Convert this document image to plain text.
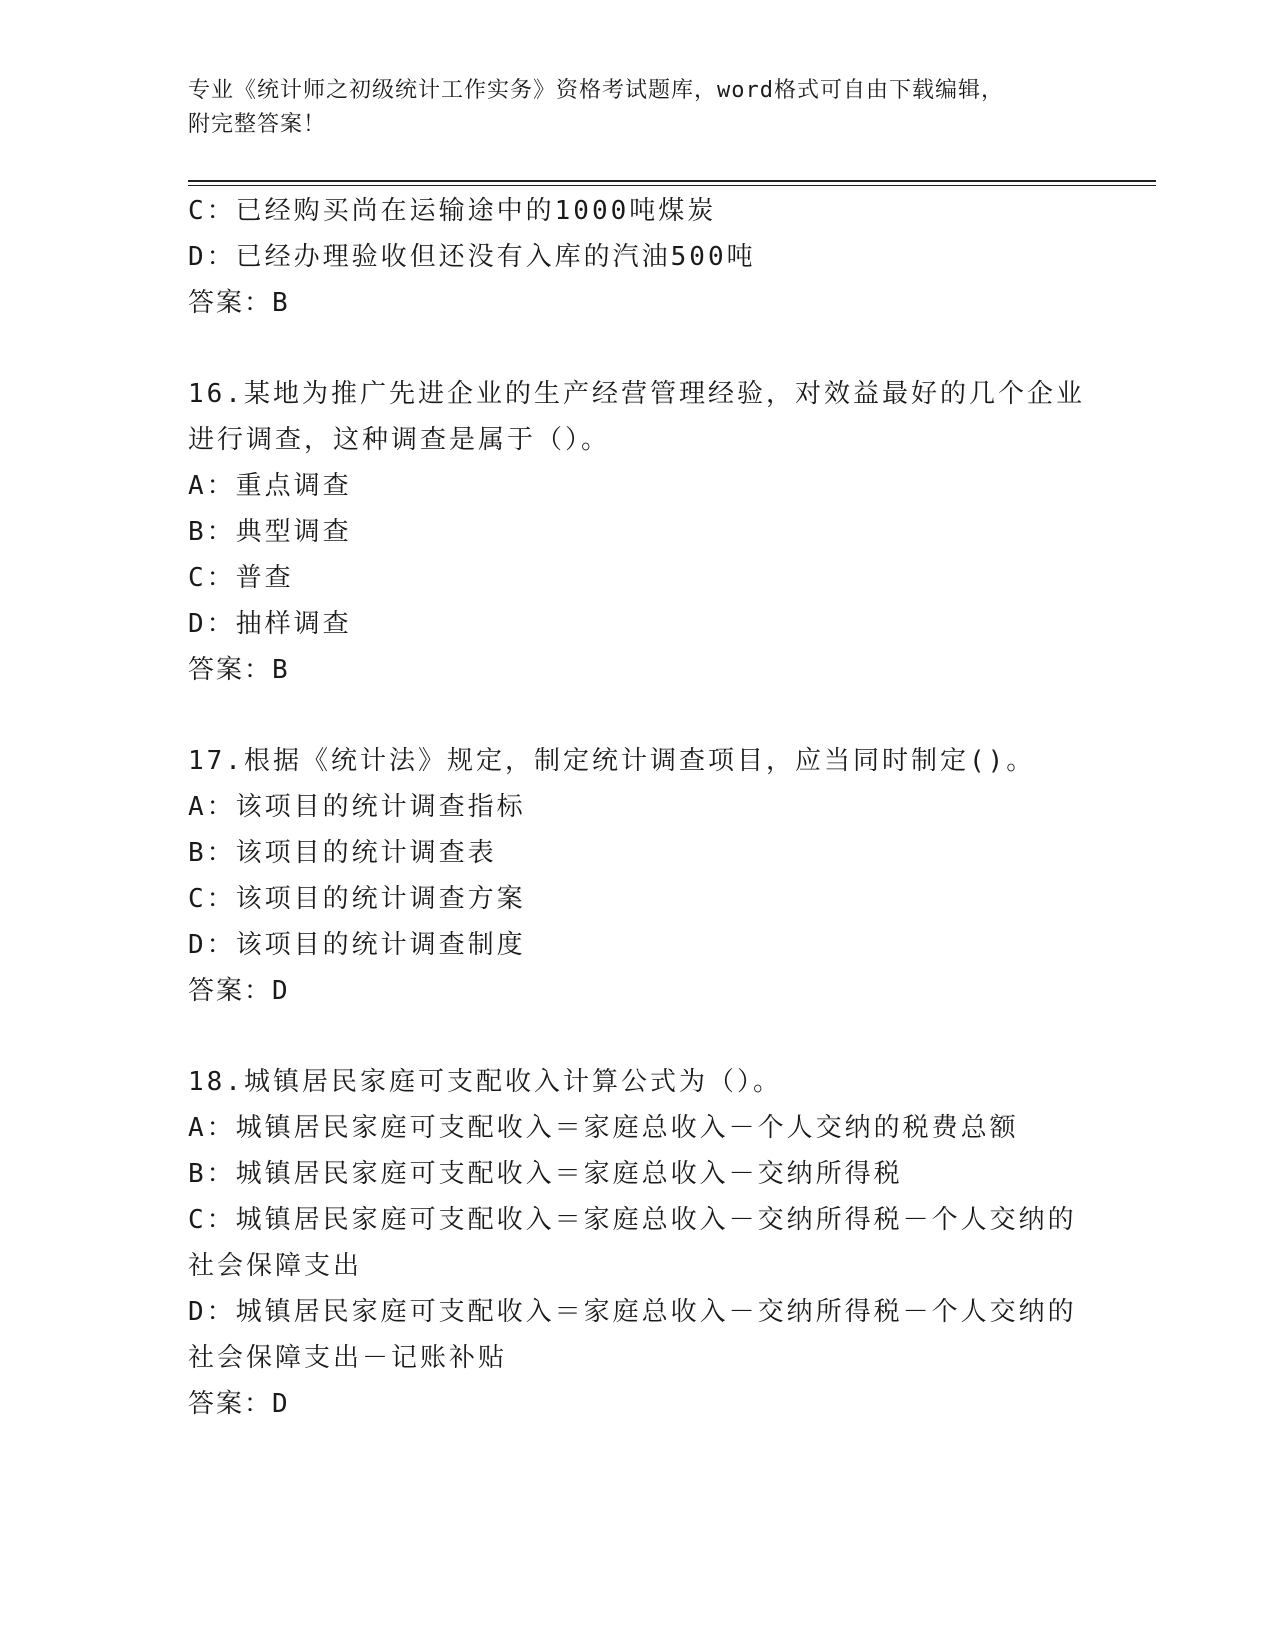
专业《统计师之初级统计工作实务》资格考试题库，word格式可自由下载编辑，
附完整答案！
C：已经购买尚在运输途中的1000吨煤炭
D：已经办理验收但还没有入库的汽油500吨
答案：B
16.某地为推广先进企业的生产经营管理经验，对效益最好的几个企业
进行调查，这种调查是属于（）。
A：重点调查
B：典型调查
C：普查
D：抽样调查
答案：B
17.根据《统计法》规定，制定统计调查项目，应当同时制定()。
A：该项目的统计调查指标
B：该项目的统计调查表
C：该项目的统计调查方案
D：该项目的统计调查制度
答案：D
18.城镇居民家庭可支配收入计算公式为（）。
A：城镇居民家庭可支配收入＝家庭总收入－个人交纳的税费总额
B：城镇居民家庭可支配收入＝家庭总收入－交纳所得税
C：城镇居民家庭可支配收入＝家庭总收入－交纳所得税－个人交纳的
社会保障支出
D：城镇居民家庭可支配收入＝家庭总收入－交纳所得税－个人交纳的
社会保障支出－记账补贴
答案：D
